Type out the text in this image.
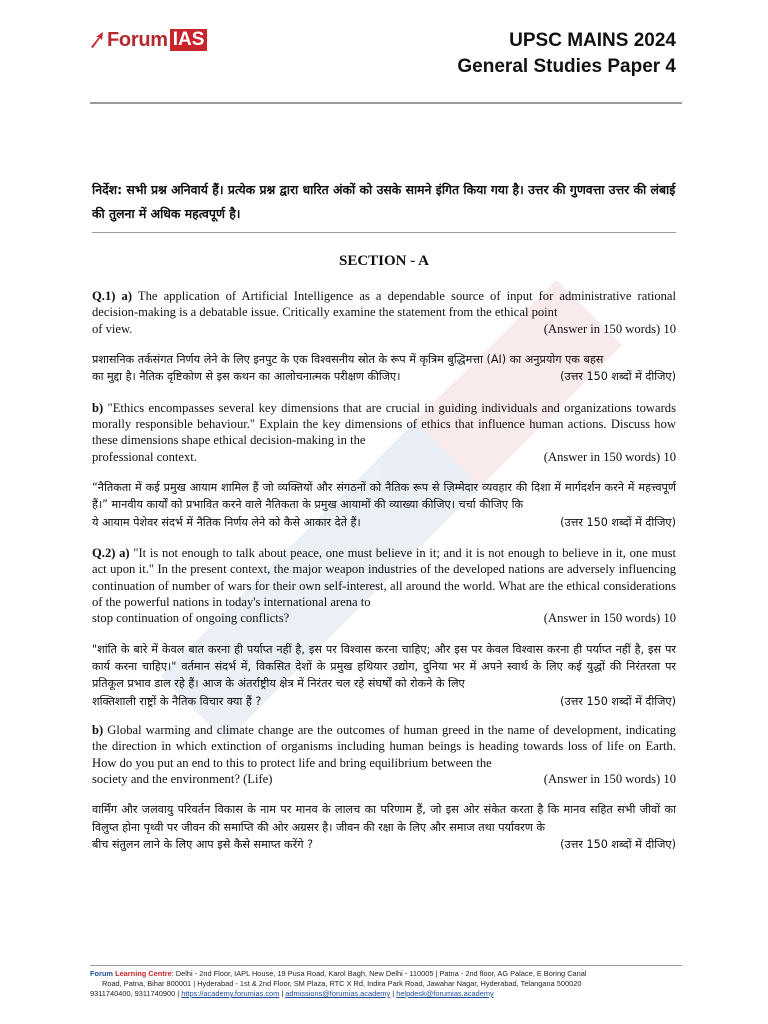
Forum IAS	UPSC MAINS 2024
General Studies Paper 4
निर्देश: सभी प्रश्न अनिवार्य हैं। प्रत्येक प्रश्न द्वारा धारित अंकों को उसके सामने इंगित किया गया है। उत्तर की गुणवत्ता उत्तर की लंबाई की तुलना में अधिक महत्वपूर्ण है।
SECTION - A

Q.1) a) The application of Artificial Intelligence as a dependable source of input for administrative rational decision-making is a debatable issue. Critically examine the statement from the ethical point

of view.	(Answer in 150 words) 10

प्रशासनिक तर्कसंगत निर्णय लेने के लिए इनपुट के एक विश्वसनीय स्रोत के रूप में कृत्रिम बुद्धिमत्ता (AI) का अनुप्रयोग एक बहस

का मुद्दा है। नैतिक दृष्टिकोण से इस कथन का आलोचनात्मक परीक्षण कीजिए।	(उत्तर 150 शब्दों में दीजिए)

b) "Ethics encompasses several key dimensions that are crucial in guiding individuals and organizations towards morally responsible behaviour." Explain the key dimensions of ethics that influence human actions. Discuss how these dimensions shape ethical decision-making in the

professional context.	(Answer in 150 words) 10

“नैतिकता में कई प्रमुख आयाम शामिल हैं जो व्यक्तियों और संगठनों को नैतिक रूप से ज़िम्मेदार व्यवहार की दिशा में मार्गदर्शन करने में महत्त्वपूर्ण हैं।” मानवीय कार्यों को प्रभावित करने वाले नैतिकता के प्रमुख आयामों की व्याख्या कीजिए। चर्चा कीजिए कि

ये आयाम पेशेवर संदर्भ में नैतिक निर्णय लेने को कैसे आकार देते हैं।	(उत्तर 150 शब्दों में दीजिए)

Q.2) a) "It is not enough to talk about peace, one must believe in it; and it is not enough to believe in it, one must act upon it." In the present context, the major weapon industries of the developed nations are adversely influencing continuation of number of wars for their own self-interest, all around the world. What are the ethical considerations of the powerful nations in today's international arena to

stop continuation of ongoing conflicts?	(Answer in 150 words) 10

"शांति के बारे में केवल बात करना ही पर्याप्त नहीं है, इस पर विश्वास करना चाहिए; और इस पर केवल विश्वास करना ही पर्याप्त नहीं है, इस पर कार्य करना चाहिए।" वर्तमान संदर्भ में, विकसित देशों के प्रमुख हथियार उद्योग, दुनिया भर में अपने स्वार्थ के लिए कई युद्धों की निरंतरता पर प्रतिकूल प्रभाव डाल रहे हैं। आज के अंतर्राष्ट्रीय क्षेत्र में निरंतर चल रहे संघर्षों को रोकने के लिए

शक्तिशाली राष्ट्रों के नैतिक विचार क्या हैं ?	(उत्तर 150 शब्दों में दीजिए)

b) Global warming and climate change are the outcomes of human greed in the name of development, indicating the direction in which extinction of organisms including human beings is heading towards loss of life on Earth. How do you put an end to this to protect life and bring equilibrium between the

society and the environment? (Life)	(Answer in 150 words) 10

वार्मिंग और जलवायु परिवर्तन विकास के नाम पर मानव के लालच का परिणाम हैं, जो इस ओर संकेत करता है कि मानव सहित सभी जीवों का विलुप्त होना पृथ्वी पर जीवन की समाप्ति की ओर अग्रसर है। जीवन की रक्षा के लिए और समाज तथा पर्यावरण के

बीच संतुलन लाने के लिए आप इसे कैसे समाप्त करेंगे ?	(उत्तर 150 शब्दों में दीजिए)
Forum Learning Centre: Delhi - 2nd Floor, IAPL House, 19 Pusa Road, Karol Bagh, New Delhi - 110005 | Patna - 2nd floor, AG Palace, E Boring Canal
Road, Patna, Bihar 800001 | Hyderabad - 1st & 2nd Floor, SM Plaza, RTC X Rd, Indira Park Road, Jawahar Nagar, Hyderabad, Telangana 500020
9311740400, 9311740900 | https://academy.forumias.com | admissions@forumias.academy | helpdesk@forumias.academy
